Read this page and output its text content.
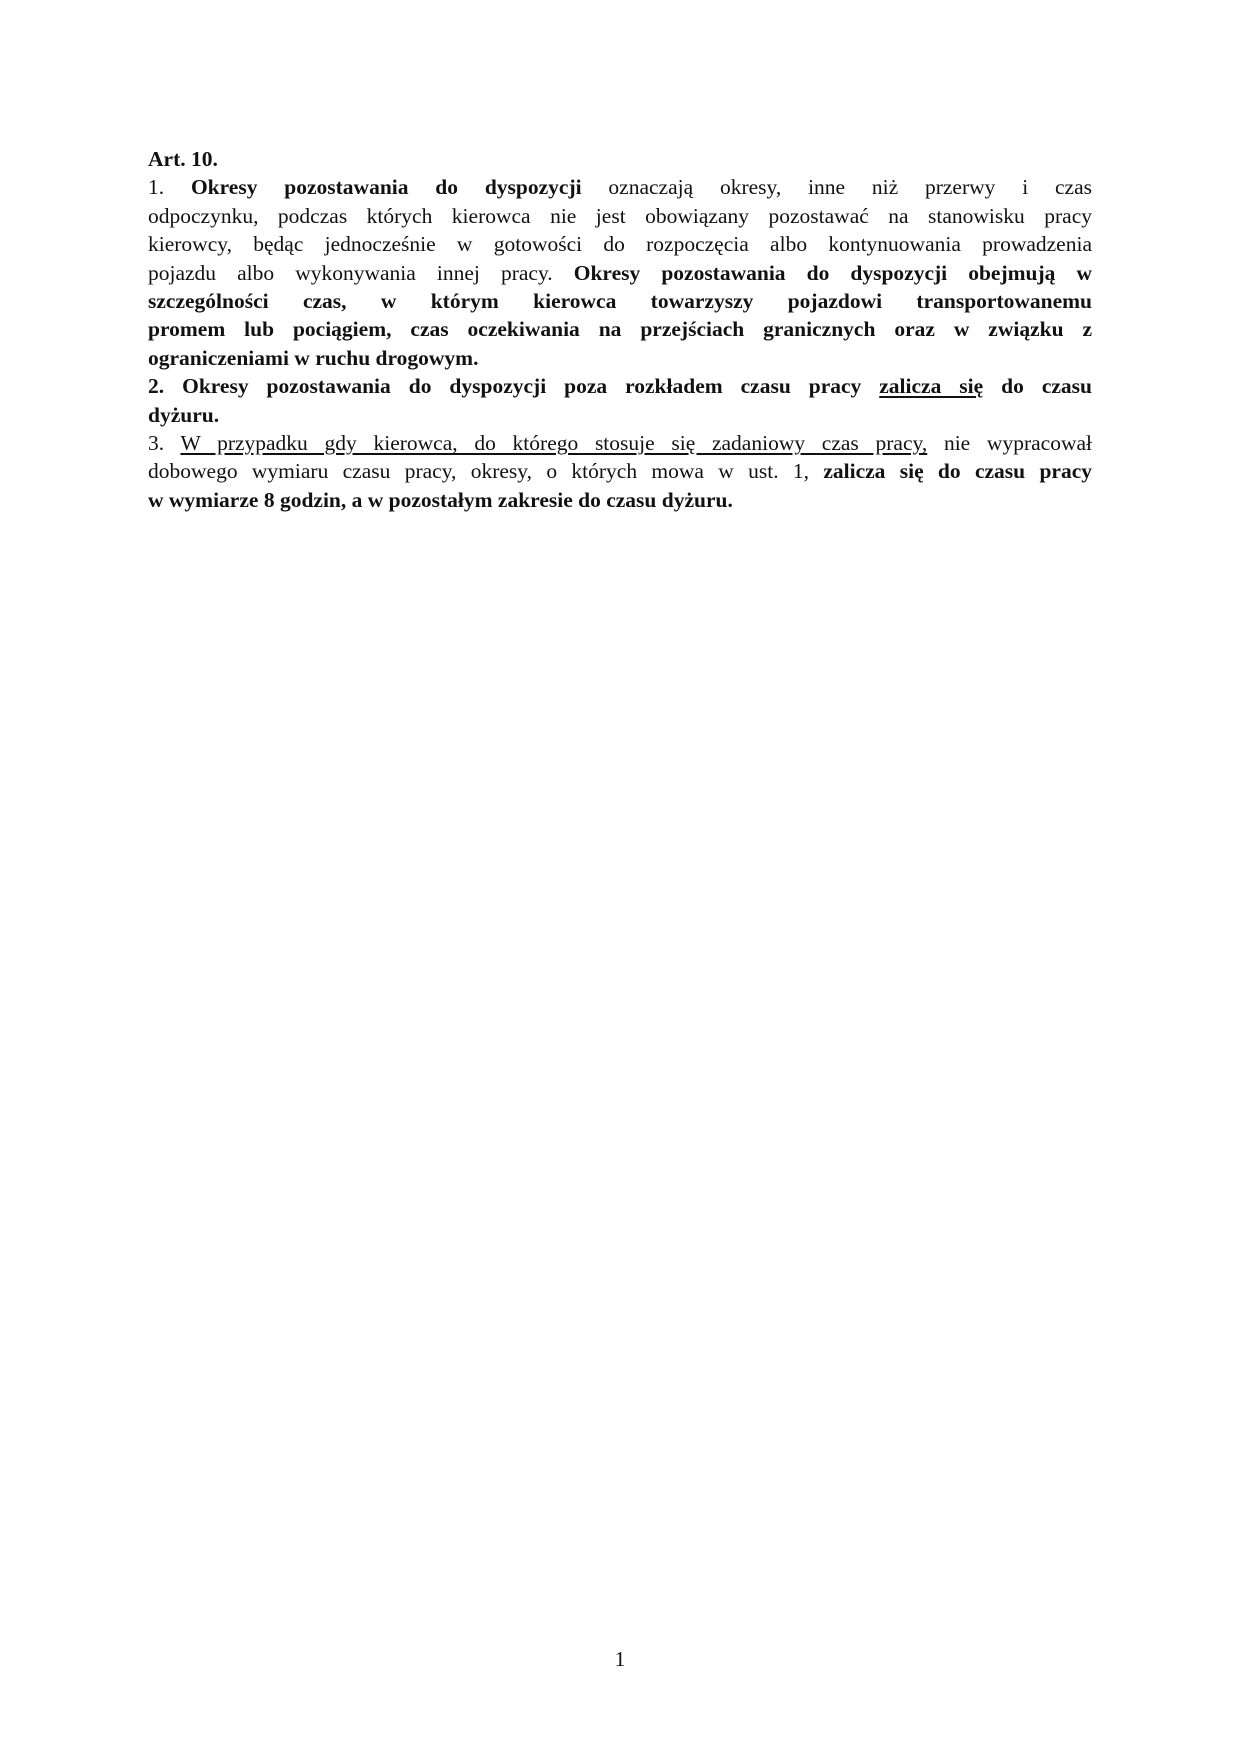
Art. 10.
1. Okresy pozostawania do dyspozycji oznaczają okresy, inne niż przerwy i czas
odpoczynku, podczas których kierowca nie jest obowiązany pozostawać na stanowisku pracy
kierowcy, będąc jednocześnie w gotowości do rozpoczęcia albo kontynuowania prowadzenia
pojazdu albo wykonywania innej pracy. Okresy pozostawania do dyspozycji obejmują w
szczególności czas, w którym kierowca towarzyszy pojazdowi transportowanemu
promem lub pociągiem, czas oczekiwania na przejściach granicznych oraz w związku z
ograniczeniami w ruchu drogowym.
2. Okresy pozostawania do dyspozycji poza rozkładem czasu pracy zalicza się do czasu
dyżuru.
3. W przypadku gdy kierowca, do którego stosuje się zadaniowy czas pracy, nie wypracował
dobowego wymiaru czasu pracy, okresy, o których mowa w ust. 1, zalicza się do czasu pracy
w wymiarze 8 godzin, a w pozostałym zakresie do czasu dyżuru.
1
